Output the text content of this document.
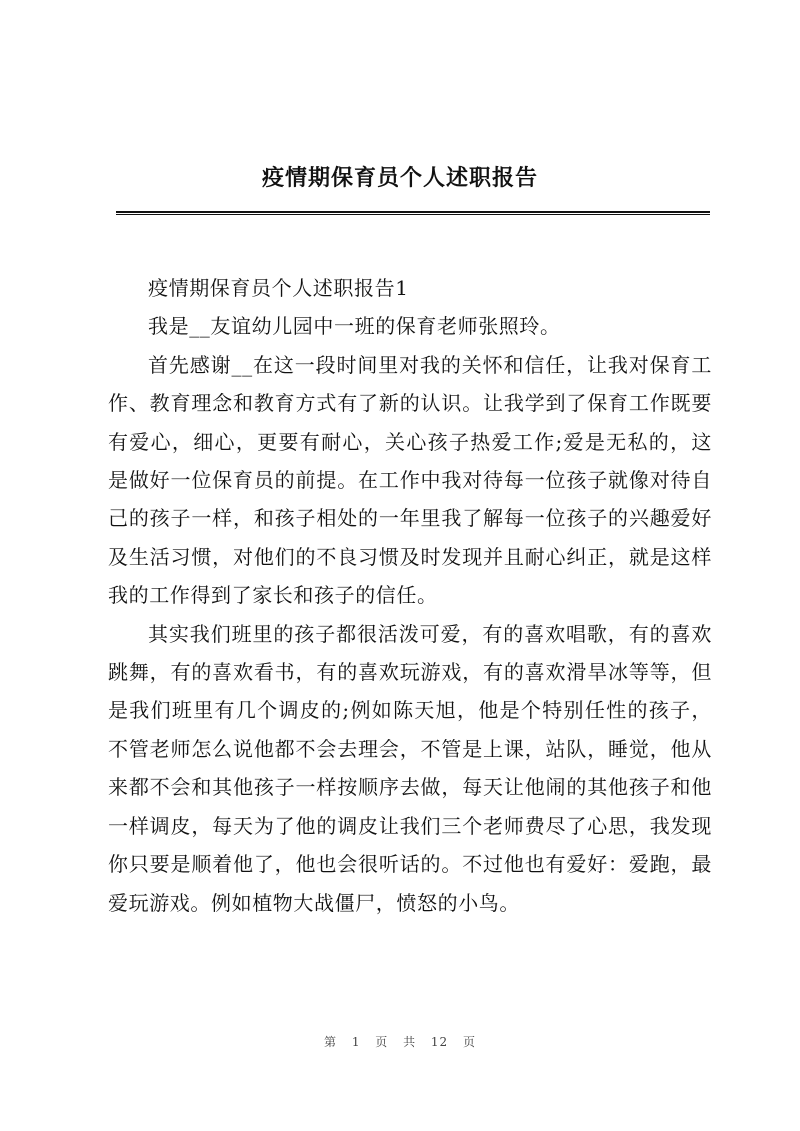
疫情期保育员个人述职报告

疫情期保育员个人述职报告1

我是__友谊幼儿园中一班的保育老师张照玲。

首先感谢__在这一段时间里对我的关怀和信任，让我对保育工作、教育理念和教育方式有了新的认识。让我学到了保育工作既要有爱心，细心，更要有耐心，关心孩子热爱工作;爱是无私的，这是做好一位保育员的前提。在工作中我对待每一位孩子就像对待自己的孩子一样，和孩子相处的一年里我了解每一位孩子的兴趣爱好及生活习惯，对他们的不良习惯及时发现并且耐心纠正，就是这样我的工作得到了家长和孩子的信任。

其实我们班里的孩子都很活泼可爱，有的喜欢唱歌，有的喜欢跳舞，有的喜欢看书，有的喜欢玩游戏，有的喜欢滑旱冰等等，但是我们班里有几个调皮的;例如陈天旭，他是个特别任性的孩子，不管老师怎么说他都不会去理会，不管是上课，站队，睡觉，他从来都不会和其他孩子一样按顺序去做，每天让他闹的其他孩子和他一样调皮，每天为了他的调皮让我们三个老师费尽了心思，我发现你只要是顺着他了，他也会很听话的。不过他也有爱好：爱跑，最爱玩游戏。例如植物大战僵尸，愤怒的小鸟。

第 1 页 共 12 页
